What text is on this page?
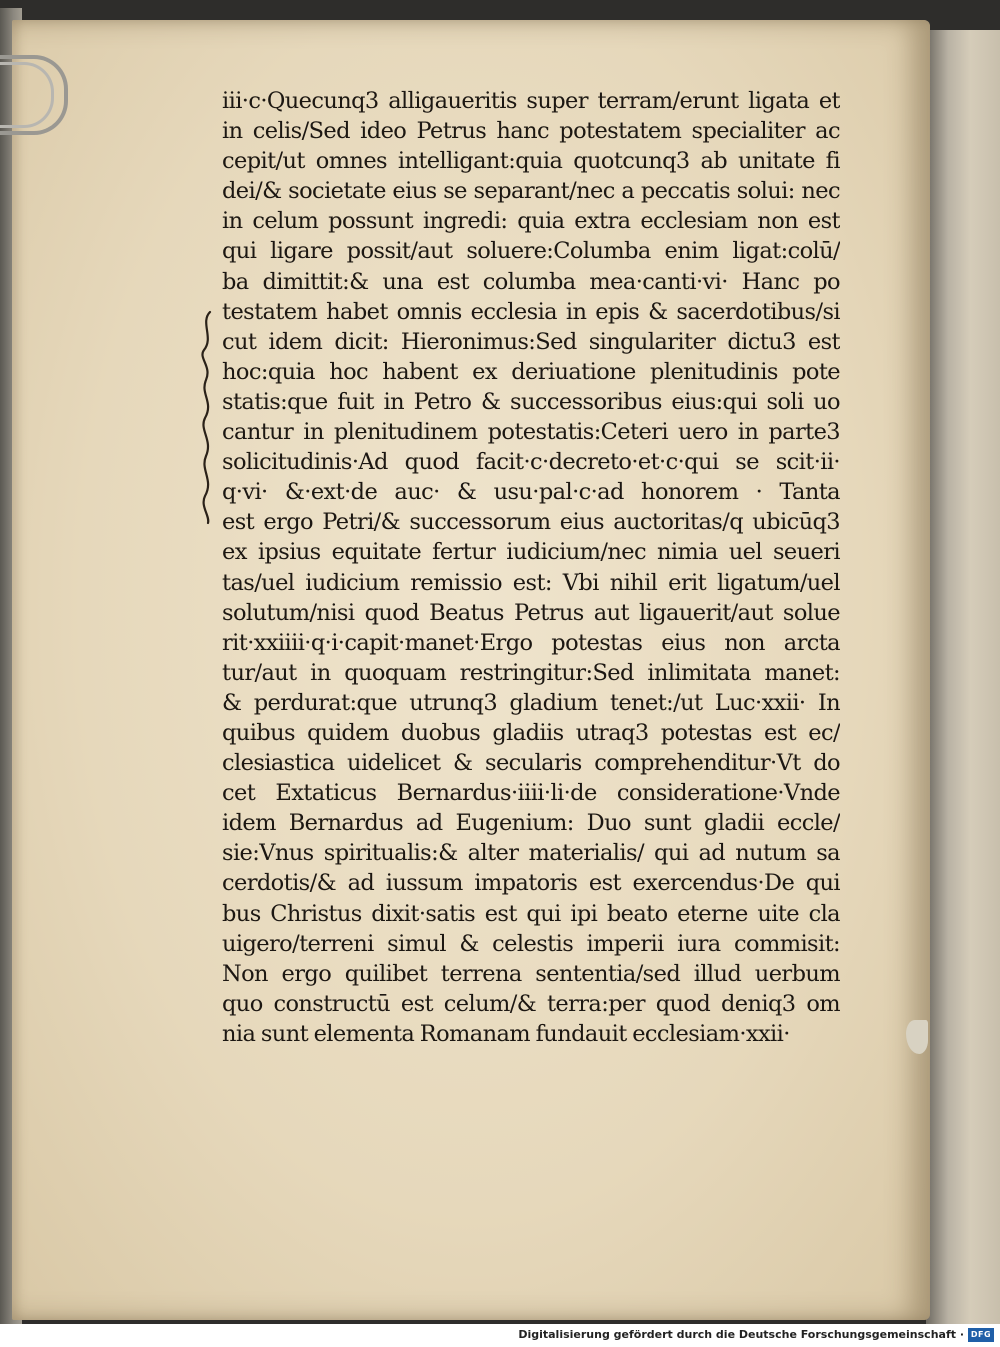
iii·c·Quecunq3 alligaueritis super terram/erunt ligata et
in celis/Sed ideo Petrus hanc potestatem specialiter ac
cepit/ut omnes intelligant:quia quotcunq3 ab unitate fi
dei/& societate eius se separant/nec a peccatis solui: nec
in celum possunt ingredi: quia extra ecclesiam non est
qui ligare possit/aut soluere:Columba enim ligat:colū/
ba dimittit:& una est columba mea·canti·vi· Hanc po
testatem habet omnis ecclesia in epis & sacerdotibus/si
cut idem dicit: Hieronimus:Sed singulariter dictu3 est
hoc:quia hoc habent ex deriuatione plenitudinis pote
statis:que fuit in Petro & successoribus eius:qui soli uo
cantur in plenitudinem potestatis:Ceteri uero in parte3
solicitudinis·Ad quod facit·c·decreto·et·c·qui se scit·ii·
q·vi· &·ext·de auc· & usu·pal·c·ad honorem · Tanta
est ergo Petri/& successorum eius auctoritas/q ubicūq3
ex ipsius equitate fertur iudicium/nec nimia uel seueri
tas/uel iudicium remissio est: Vbi nihil erit ligatum/uel
solutum/nisi quod Beatus Petrus aut ligauerit/aut solue
rit·xxiiii·q·i·capit·manet·Ergo potestas eius non arcta
tur/aut in quoquam restringitur:Sed inlimitata manet:
& perdurat:que utrunq3 gladium tenet:/ut Luc·xxii· In
quibus quidem duobus gladiis utraq3 potestas est ec/
clesiastica uidelicet & secularis comprehenditur·Vt do
cet Extaticus Bernardus·iiii·li·de consideratione·Vnde
idem Bernardus ad Eugenium: Duo sunt gladii eccle/
sie:Vnus spiritualis:& alter materialis/ qui ad nutum sa
cerdotis/& ad iussum impatoris est exercendus·De qui
bus Christus dixit·satis est qui ipi beato eterne uite cla
uigero/terreni simul & celestis imperii iura commisit:
Non ergo quilibet terrena sententia/sed illud uerbum
quo constructū est celum/& terra:per quod deniq3 om
nia sunt elementa Romanam fundauit ecclesiam·xxii·
Digitalisierung gefördert durch die Deutsche Forschungsgemeinschaft · DFG
